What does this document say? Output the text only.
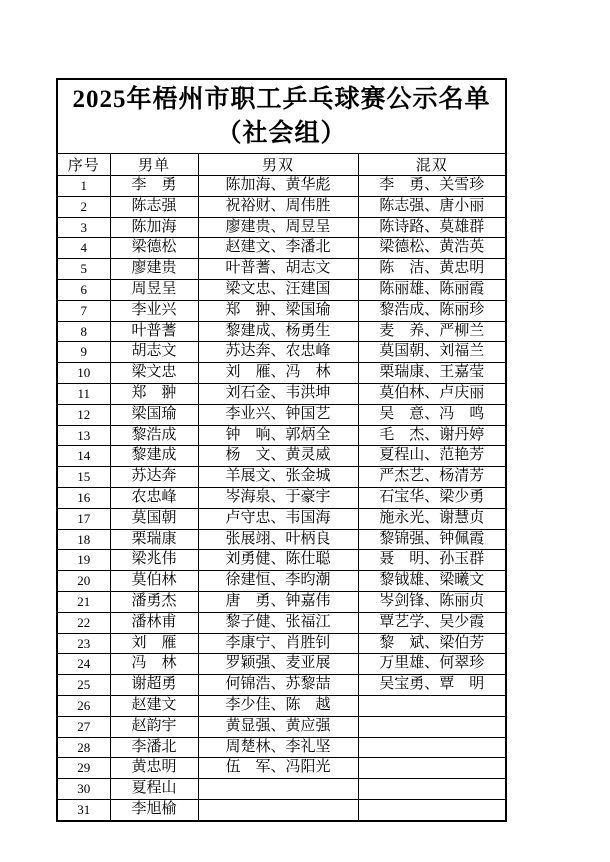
2025年梧州市职工乒乓球赛公示名单
（社会组）			

序号	男单	男双	混双
1	李　勇	陈加海、黄华彪	李　勇、关雪珍
2	陈志强	祝裕财、周伟胜	陈志强、唐小丽
3	陈加海	廖建贵、周昱呈	陈诗路、莫雄群
4	梁德松	赵建文、李潘北	梁德松、黄浩英
5	廖建贵	叶普蓍、胡志文	陈　洁、黄忠明
6	周昱呈	梁文忠、汪建国	陈丽雄、陈丽霞
7	李业兴	郑　翀、梁国瑜	黎浩成、陈丽珍
8	叶普蓍	黎建成、杨勇生	麦　养、严柳兰
9	胡志文	苏达奔、农忠峰	莫国朝、刘福兰
10	梁文忠	刘　雁、冯　林	栗瑞康、王嘉莹
11	郑　翀	刘石金、韦洪坤	莫伯林、卢庆丽
12	梁国瑜	李业兴、钟国艺	吴　意、冯　鸣
13	黎浩成	钟　响、郭炳全	毛　杰、谢丹婷
14	黎建成	杨　文、黄灵威	夏程山、范艳芳
15	苏达奔	羊展文、张金城	严杰艺、杨清芳
16	农忠峰	岑海泉、于豪宇	石宝华、梁少勇
17	莫国朝	卢守忠、韦国海	施永光、谢慧贞
18	栗瑞康	张展翊、叶柄良	黎锦强、钟佩霞
19	梁兆伟	刘勇健、陈仕聪	聂　明、孙玉群
20	莫伯林	徐建恒、李昀潮	黎钺雄、梁曦文
21	潘勇杰	唐　勇、钟嘉伟	岑剑锋、陈丽贞
22	潘林甫	黎子健、张福江	覃艺学、吴少霞
23	刘　雁	李康宁、肖胜钊	黎　斌、梁伯芳
24	冯　林	罗颖强、麦亚展	万里雄、何翠珍
25	谢超勇	何锦浩、苏黎喆	吴宝勇、覃　明
26	赵建文	李少佳、陈　越	
27	赵韵宇	黄显强、黄应强	
28	李潘北	周楚林、李礼坚	
29	黄忠明	伍　军、冯阳光	
30	夏程山		
31	李旭榆		
